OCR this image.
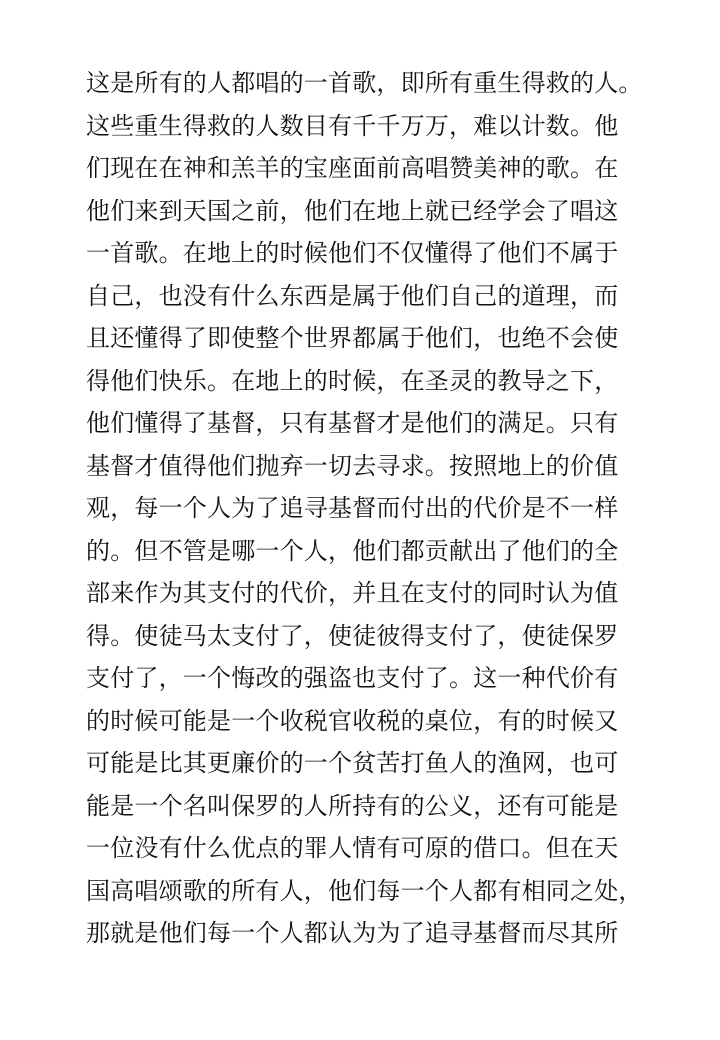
这是所有的人都唱的一首歌，即所有重生得救的人。
这些重生得救的人数目有千千万万，难以计数。他
们现在在神和羔羊的宝座面前高唱赞美神的歌。在
他们来到天国之前，他们在地上就已经学会了唱这
一首歌。在地上的时候他们不仅懂得了他们不属于
自己，也没有什么东西是属于他们自己的道理，而
且还懂得了即使整个世界都属于他们，也绝不会使
得他们快乐。在地上的时候，在圣灵的教导之下，
他们懂得了基督，只有基督才是他们的满足。只有
基督才值得他们抛弃一切去寻求。按照地上的价值
观，每一个人为了追寻基督而付出的代价是不一样
的。但不管是哪一个人，他们都贡献出了他们的全
部来作为其支付的代价，并且在支付的同时认为值
得。使徒马太支付了，使徒彼得支付了，使徒保罗
支付了，一个悔改的强盗也支付了。这一种代价有
的时候可能是一个收税官收税的桌位，有的时候又
可能是比其更廉价的一个贫苦打鱼人的渔网，也可
能是一个名叫保罗的人所持有的公义，还有可能是
一位没有什么优点的罪人情有可原的借口。但在天
国高唱颂歌的所有人，他们每一个人都有相同之处，
那就是他们每一个人都认为为了追寻基督而尽其所
